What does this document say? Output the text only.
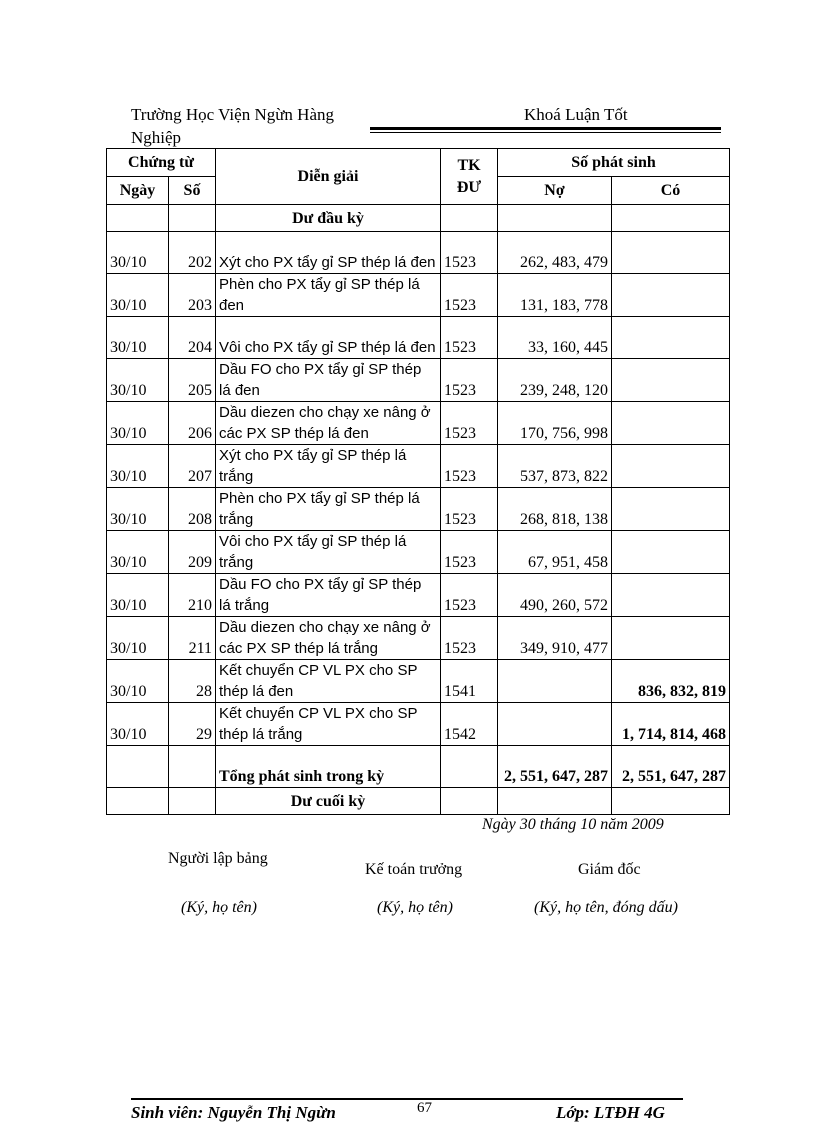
Trường Học Viện Ngừn Hàng	Khoá Luận Tốt
Nghiệp
Chứng từ		Diễn giải	TK ĐƯ	Số phát sinh	
Ngày	Số			Nợ	Có
		Dư đầu kỳ			
30/10	202	Xýt cho PX tẩy gỉ SP thép lá đen	1523	262, 483, 479	
30/10	203	Phèn cho PX tẩy gỉ SP thép lá đen	1523	131, 183, 778	
30/10	204	Vôi cho PX tẩy gỉ SP thép lá đen	1523	33, 160, 445	
30/10	205	Dầu FO cho PX tẩy gỉ SP thép lá đen	1523	239, 248, 120	
30/10	206	Dầu diezen cho chạy xe nâng ở các PX SP thép lá đen	1523	170, 756, 998	
30/10	207	Xýt cho PX tẩy gỉ SP thép lá trắng	1523	537, 873, 822	
30/10	208	Phèn cho PX tẩy gỉ SP thép lá trắng	1523	268, 818, 138	
30/10	209	Vôi cho PX tẩy gỉ SP thép lá trắng	1523	67, 951, 458	
30/10	210	Dầu FO cho PX tẩy gỉ SP thép lá trắng	1523	490, 260, 572	
30/10	211	Dầu diezen cho chạy xe nâng ở các PX SP thép lá trắng	1523	349, 910, 477	
30/10	28	Kết chuyển CP VL PX cho SP thép lá đen	1541		836, 832, 819
30/10	29	Kết chuyển CP VL PX cho SP thép lá trắng	1542		1, 714, 814, 468
		Tổng phát sinh trong kỳ		2, 551, 647, 287	2, 551, 647, 287
		Dư cuối kỳ			
Ngày 30 tháng 10 năm 2009
Người lập bảng
Kế toán trưởng	Giám đốc
(Ký, họ tên)	(Ký, họ tên)	(Ký, họ tên, đóng dấu)
Sinh viên: Nguyễn Thị Ngừn	67	Lớp: LTĐH 4G
